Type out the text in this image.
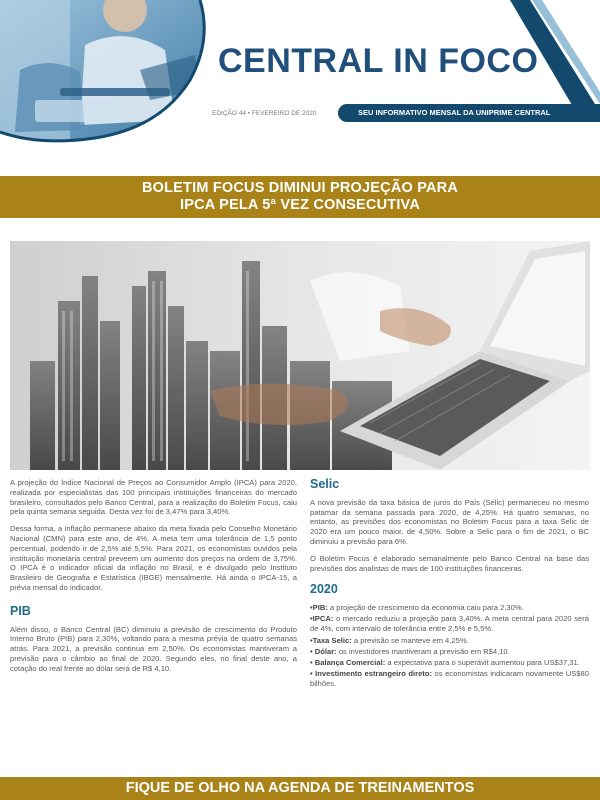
CENTRAL IN FOCO
EDIÇÃO 44 • FEVEREIRO DE 2020	SEU INFORMATIVO MENSAL DA UNIPRIME CENTRAL
BOLETIM FOCUS DIMINUI PROJEÇÃO PARA
IPCA PELA 5ª VEZ CONSECUTIVA

A projeção do Índice Nacional de Preços ao Consumidor Amplo (IPCA) para 2020, realizada por especialistas das 100 principais instituições financeiras do mercado brasileiro, consultados pelo Banco Central, para a realização do Boletim Focus, caiu pela quinta semana seguida. Desta vez foi de 3,47% para 3,40%.

Dessa forma, a inflação permanece abaixo da meta fixada pelo Conselho Monetário Nacional (CMN) para este ano, de 4%. A meta tem uma tolerância de 1,5 ponto percentual, podendo ir de 2,5% até 5,5%. Para 2021, os economistas ouvidos pela instituição monetária central preveem um aumento dos preços na ordem de 3,75%. O IPCA é o indicador oficial da inflação no Brasil, e é divulgado pelo Instituto Brasileiro de Geografia e Estatística (IBGE) mensalmente. Há ainda o IPCA-15, a prévia mensal do indicador.

PIB

Além disso, o Banco Central (BC) diminuiu a previsão de crescimento do Produto Interno Bruto (PIB) para 2,30%, voltando para a mesma prévia de quatro semanas atrás. Para 2021, a previsão continua em 2,50%. Os economistas mantiveram a previsão para o câmbio ao final de 2020. Segundo eles, no final deste ano, a cotação do real frente ao dólar será de R$ 4,10.

Selic

A nova previsão da taxa básica de juros do País (Selic) permaneceu no mesmo patamar da semana passada para 2020, de 4,25%. Há quatro semanas, no entanto, as previsões dos economistas no Boletim Focus para a taxa Selic de 2020 era um pouco maior, de 4,50%. Sobre a Selic para o fim de 2021, o BC diminuiu a previsão para 6%.

O Boletim Focus é elaborado semanalmente pelo Banco Central na base das previsões dos analistas de mais de 100 instituições financeiras.

2020
•PIB: a projeção de crescimento da economia caiu para 2,30%.
•IPCA: o mercado reduziu a projeção para 3,40%. A meta central para 2020 será de 4%, com intervalo de tolerância entre 2,5% e 5,5%.
•Taxa Selic: a previsão se manteve em 4,25%.
• Dólar: os investidores mantiveram a previsão em R$4,10.
• Balança Comercial: a expectativa para o superávit aumentou para US$37,31.
• Investimento estrangeiro direto: os economistas indicaram novamente US$80 bilhões.
FIQUE DE OLHO NA AGENDA DE TREINAMENTOS
